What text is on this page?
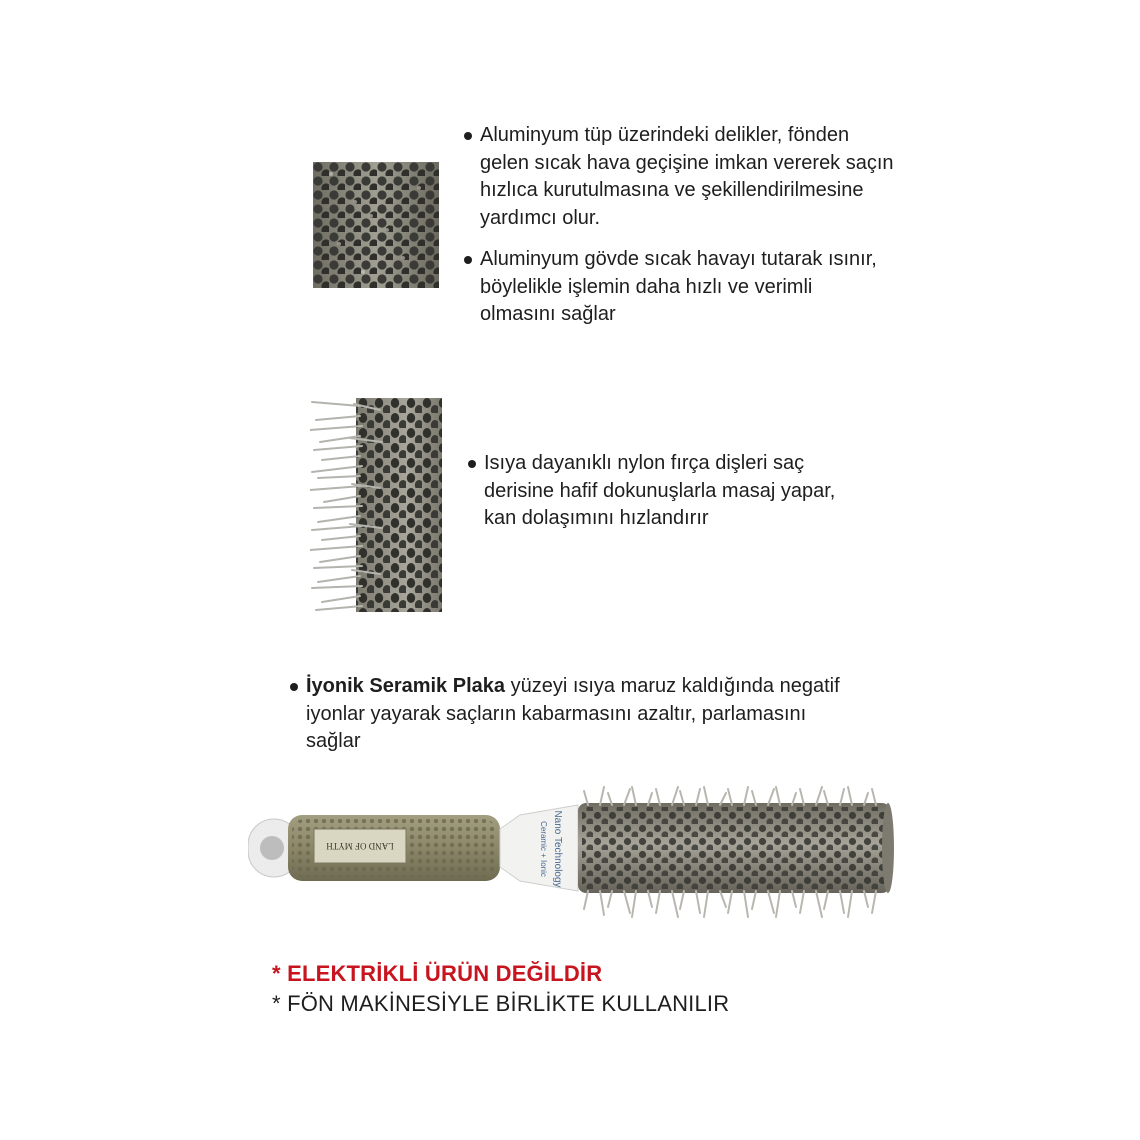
Aluminyum tüp üzerindeki delikler, fönden gelen sıcak hava geçişine imkan vererek saçın hızlıca kurutulmasına ve şekillendirilmesine yardımcı olur.

Aluminyum gövde sıcak havayı tutarak ısınır, böylelikle işlemin daha hızlı ve verimli olmasını sağlar

Isıya dayanıklı nylon fırça dişleri saç derisine hafif dokunuşlarla masaj yapar, kan dolaşımını hızlandırır

İyonik Seramik Plaka yüzeyi ısıya maruz kaldığında negatif iyonlar yayarak saçların kabarmasını azaltır, parlamasını sağlar

LAND OF MYTH	Nano Technology
Ceramic + Ionic
* ELEKTRİKLİ ÜRÜN DEĞİLDİR
* FÖN MAKİNESİYLE BİRLİKTE KULLANILIR
